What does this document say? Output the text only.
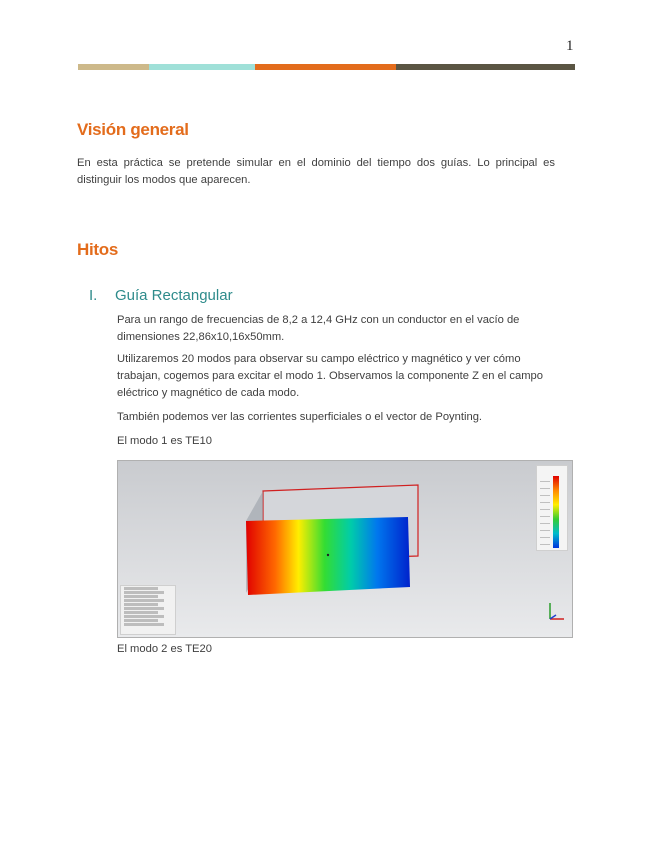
1
Visión general

En esta práctica se pretende simular en el dominio del tiempo dos guías. Lo principal es distinguir los modos que aparecen.

Hitos
I.	Guía Rectangular

Para un rango de frecuencias de 8,2 a 12,4 GHz con un conductor en el vacío de dimensiones 22,86x10,16x50mm.

Utilizaremos 20 modos para observar su campo eléctrico y magnético y ver cómo trabajan, cogemos para excitar el modo 1. Observamos la componente Z en el campo eléctrico y magnético de cada modo.

También podemos ver las corrientes superficiales o el vector de Poynting.

El modo 1 es TE10

El modo 2 es TE20
